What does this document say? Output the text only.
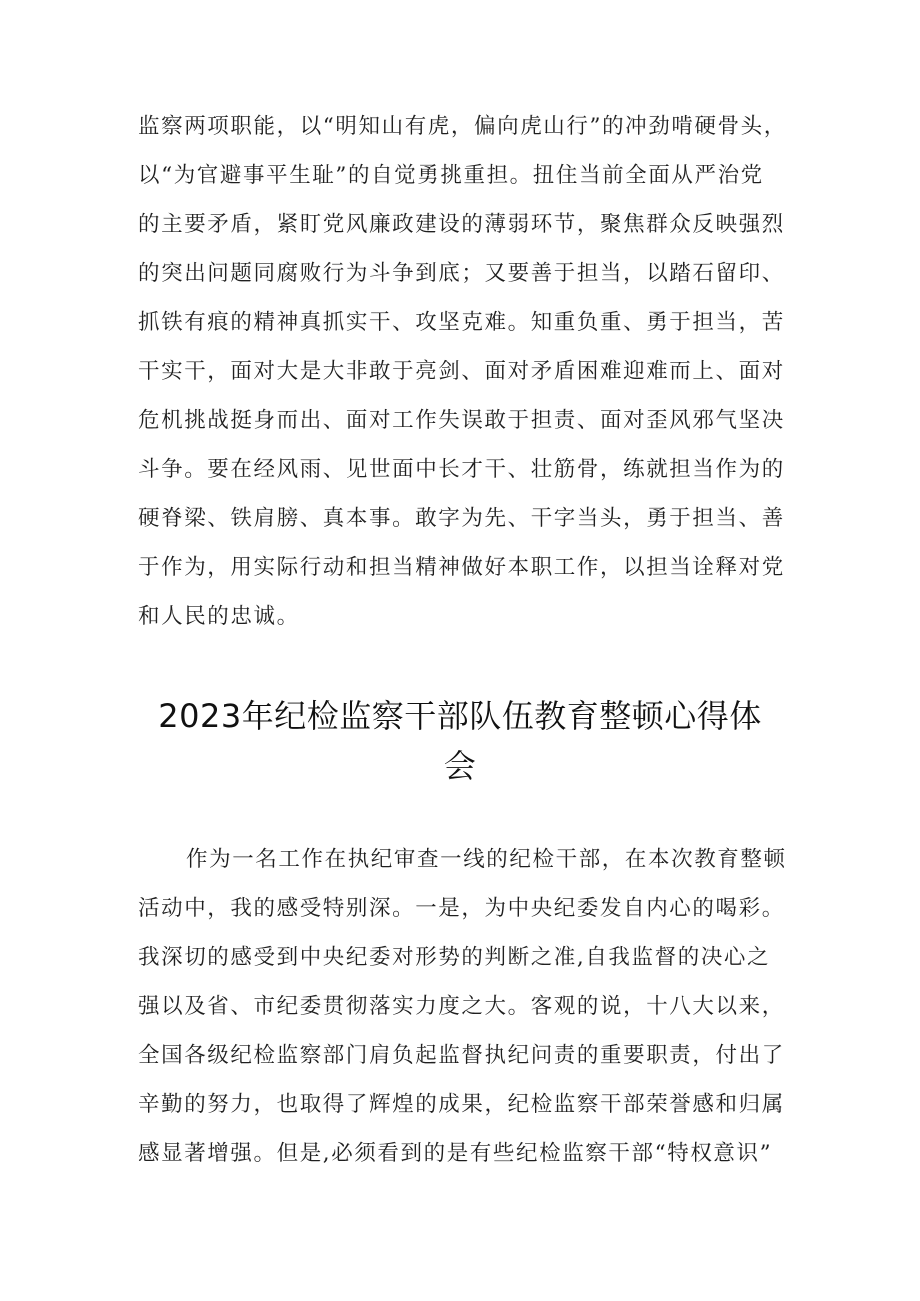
监察两项职能，以“明知山有虎，偏向虎山行”的冲劲啃硬骨头，
以“为官避事平生耻”的自觉勇挑重担。扭住当前全面从严治党
的主要矛盾，紧盯党风廉政建设的薄弱环节，聚焦群众反映强烈
的突出问题同腐败行为斗争到底；又要善于担当，以踏石留印、
抓铁有痕的精神真抓实干、攻坚克难。知重负重、勇于担当，苦
干实干，面对大是大非敢于亮剑、面对矛盾困难迎难而上、面对
危机挑战挺身而出、面对工作失误敢于担责、面对歪风邪气坚决
斗争。要在经风雨、见世面中长才干、壮筋骨，练就担当作为的
硬脊梁、铁肩膀、真本事。敢字为先、干字当头，勇于担当、善
于作为，用实际行动和担当精神做好本职工作，以担当诠释对党
和人民的忠诚。
2023年纪检监察干部队伍教育整顿心得体
会
作为一名工作在执纪审查一线的纪检干部，在本次教育整顿
活动中，我的感受特别深。一是，为中央纪委发自内心的喝彩。
我深切的感受到中央纪委对形势的判断之准,自我监督的决心之
强以及省、市纪委贯彻落实力度之大。客观的说，十八大以来，
全国各级纪检监察部门肩负起监督执纪问责的重要职责，付出了
辛勤的努力，也取得了辉煌的成果，纪检监察干部荣誉感和归属
感显著增强。但是,必须看到的是有些纪检监察干部“特权意识”
